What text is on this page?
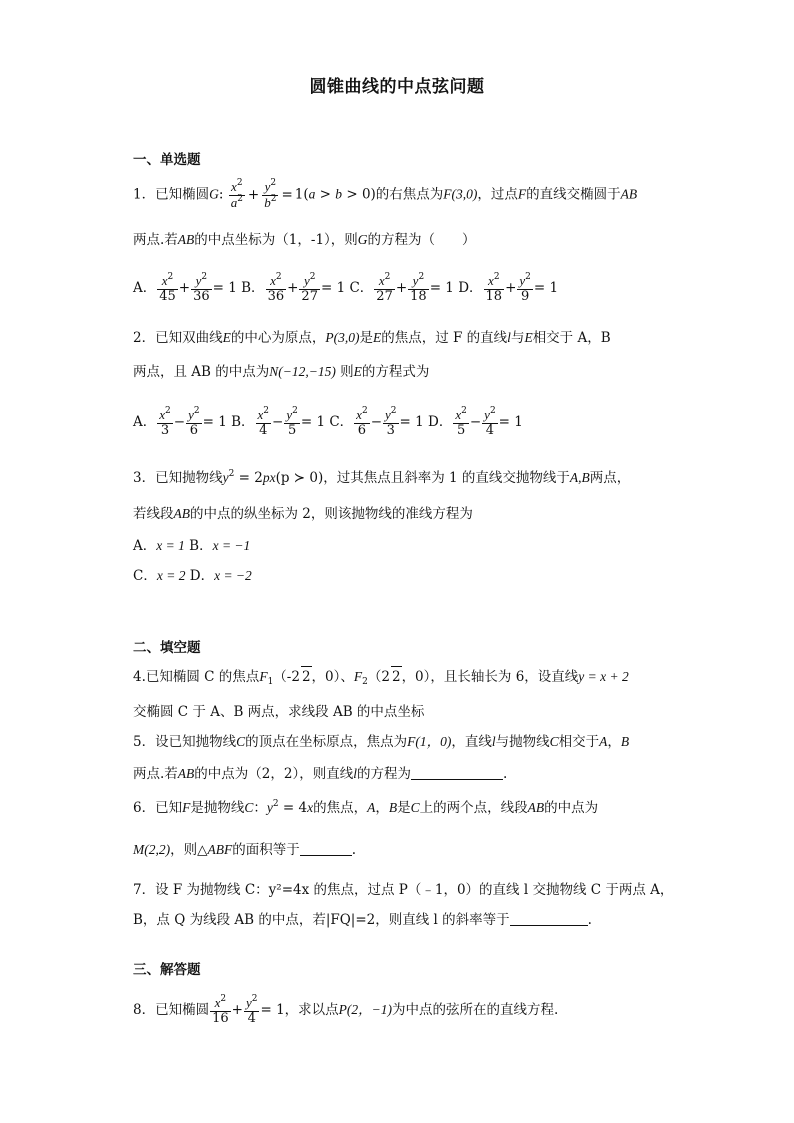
圆锥曲线的中点弦问题
一、单选题
1．已知椭圆G: $\frac{x^2}{a^2} + \frac{y^2}{b^2} = 1(a > b > 0)$的右焦点为F(3,0)，过点F的直线交椭圆于AB
两点.若AB的中点坐标为（1，-1），则G的方程为（　　）
A． $\frac{x^2}{45} + \frac{y^2}{36} = 1$ B． $\frac{x^2}{36} + \frac{y^2}{27} = 1$ C． $\frac{x^2}{27} + \frac{y^2}{18} = 1$ D． $\frac{x^2}{18} + \frac{y^2}{9} = 1$
2．已知双曲线E的中心为原点，P(3,0)是E的焦点，过 F 的直线l与E相交于 A，B
两点，且 AB 的中点为N(−12,−15) 则E的方程式为
A． $\frac{x^2}{3} - \frac{y^2}{6} = 1$ B． $\frac{x^2}{4} - \frac{y^2}{5} = 1$ C． $\frac{x^2}{6} - \frac{y^2}{3} = 1$ D． $\frac{x^2}{5} - \frac{y^2}{4} = 1$
3．已知抛物线$y^2 = 2px(p$ ≻ 0)，过其焦点且斜率为 1 的直线交抛物线于A,B两点，
若线段AB的中点的纵坐标为 2，则该抛物线的准线方程为
A．x = 1 B．x = −1
C．x = 2 D．x = −2
二、填空题
4.已知椭圆 C 的焦点$F_1(-2$ 2，0）、$F_2(2$ 2，0），且长轴长为 6，设直线y = x + 2
交椭圆 C 于 A、B 两点，求线段 AB 的中点坐标
5．设已知抛物线C的顶点在坐标原点，焦点为F(1，0)，直线l与抛物线C相交于A，B
两点.若AB的中点为（2，2），则直线l的方程为	.
6．已知F是抛物线C：$y^2 = 4x$的焦点，A，B是C上的两个点，线段AB的中点为
M(2,2)，则△ABF的面积等于	.
7．设 F 为抛物线 C：y²=4x 的焦点，过点 P（﹣1，0）的直线 l 交抛物线 C 于两点 A，
B，点 Q 为线段 AB 的中点，若|FQ|=2，则直线 l 的斜率等于	.
三、解答题
8．已知椭圆 $\frac{x^2}{16} + \frac{y^2}{4} = 1$，求以点P(2，−1)为中点的弦所在的直线方程.
